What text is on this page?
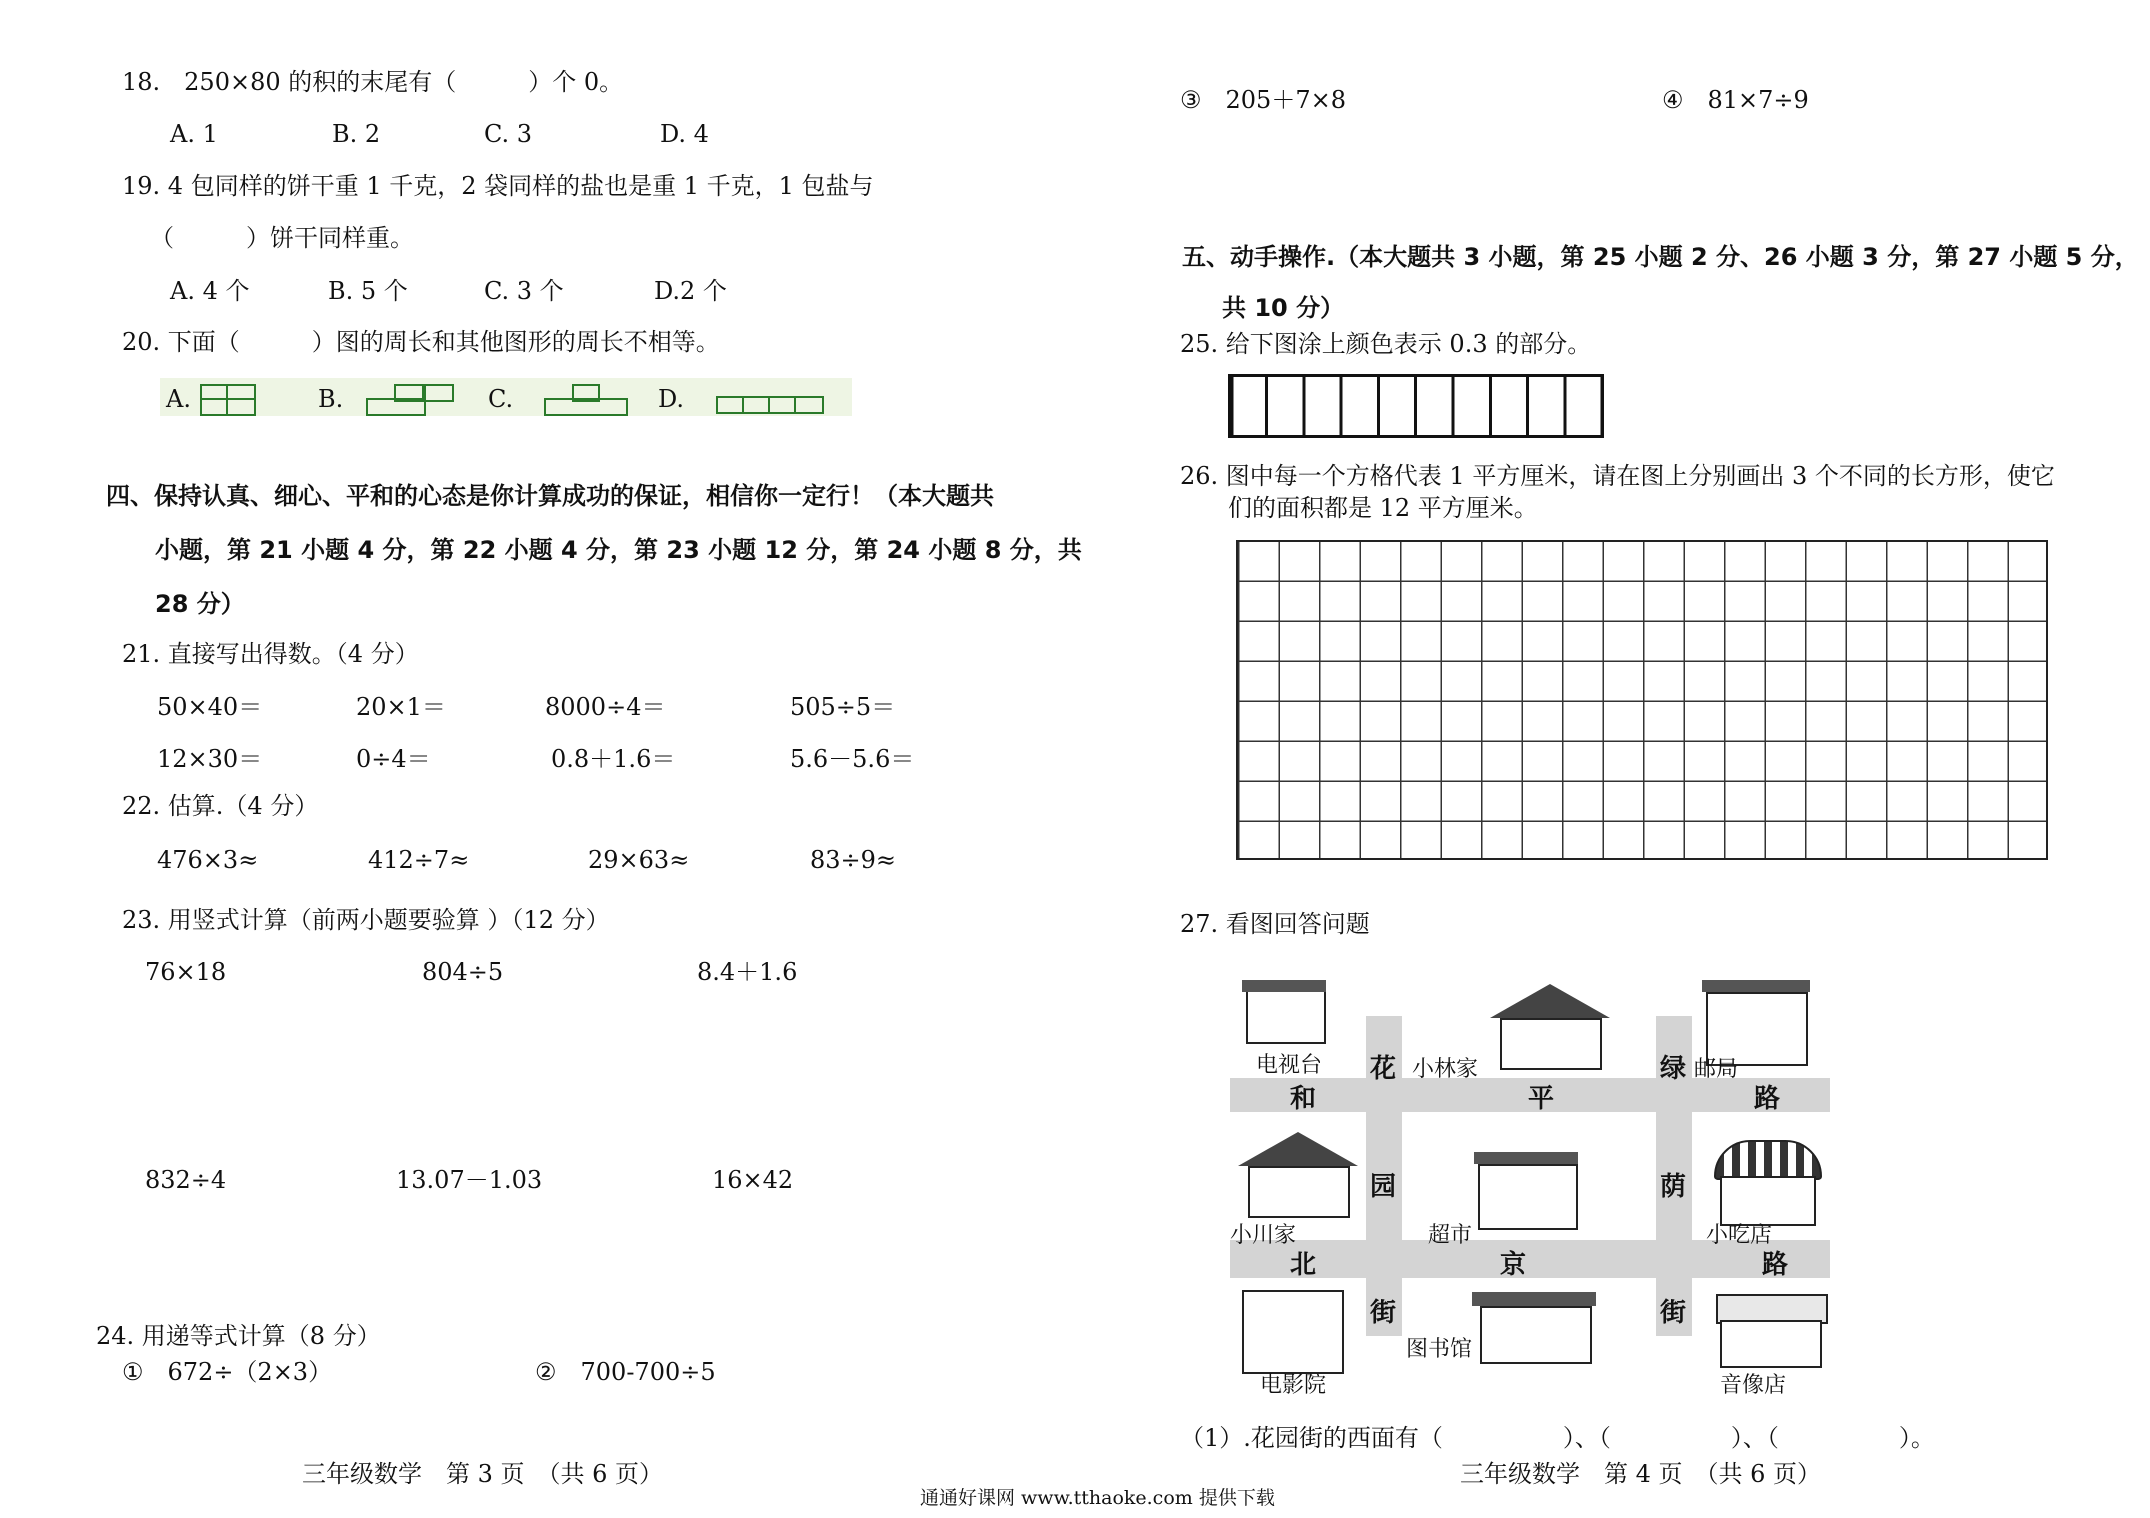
18.　250×80 的积的末尾有（　　　）个 0。
A. 1	B. 2	C. 3	D. 4
19. 4 包同样的饼干重 1 千克，2 袋同样的盐也是重 1 千克，1 包盐与
（　　　）饼干同样重。
A. 4 个	B. 5 个	C. 3 个	D.2 个
20. 下面（　　　）图的周长和其他图形的周长不相等。
A.	B.	C.	D.
四、保持认真、细心、平和的心态是你计算成功的保证，相信你一定行！（本大题共
小题，第 21 小题 4 分，第 22 小题 4 分，第 23 小题 12 分，第 24 小题 8 分，共
28 分）
21. 直接写出得数。（4 分）
50×40＝	20×1＝	8000÷4＝	505÷5＝
12×30＝	0÷4＝	0.8＋1.6＝	5.6－5.6＝
22. 估算.（4 分）
476×3≈	412÷7≈	29×63≈	83÷9≈
23. 用竖式计算（前两小题要验算 ）（12 分）
76×18	804÷5	8.4＋1.6
832÷4	13.07－1.03	16×42
24. 用递等式计算（8 分）
①　672÷（2×3）	②　700-700÷5
三年级数学　第 3 页　（共 6 页）
通通好课网 www.tthaoke.com 提供下载
③　205＋7×8	④　81×7÷9
五、动手操作.（本大题共 3 小题，第 25 小题 2 分、26 小题 3 分，第 27 小题 5 分，
共 10 分）
25. 给下图涂上颜色表示 0.3 的部分。
26. 图中每一个方格代表 1 平方厘米，请在图上分别画出 3 个不同的长方形，使它
们的面积都是 12 平方厘米。
27. 看图回答问题
和	平	路
北	京	路
花
园
街
绿
荫
街
电视台	小林家	邮局
小川家	超市	小吃店
电影院
图书馆
音像店
（1）.花园街的西面有（　　　　　）、（　　　　　）、（　　　　　）。
三年级数学　第 4 页　（共 6 页）
